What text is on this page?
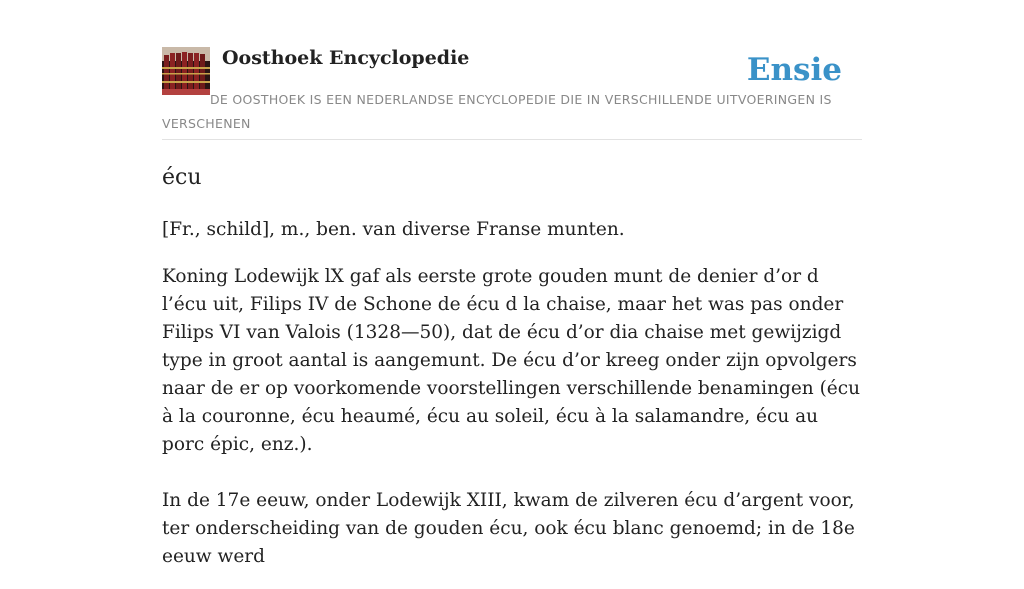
Oosthoek Encyclopedie	Ensie

DE OOSTHOEK IS EEN NEDERLANDSE ENCYCLOPEDIE DIE IN VERSCHILLENDE UITVOERINGEN IS VERSCHENEN

écu

[Fr., schild], m., ben. van diverse Franse munten.

Koning Lodewijk lX gaf als eerste grote gouden munt de denier d’or d l’écu uit, Filips IV de Schone de écu d la chaise, maar het was pas onder Filips VI van Valois (1328—50), dat de écu d’or dia chaise met gewijzigd type in groot aantal is aangemunt. De écu d’or kreeg onder zijn opvolgers naar de er op voorkomende voorstellingen verschillende benamingen (écu à la couronne, écu heaumé, écu au soleil, écu à la salamandre, écu au porc épic, enz.).

In de 17e eeuw, onder Lodewijk XIII, kwam de zilveren écu d’argent voor, ter onderscheiding van de gouden écu, ook écu blanc genoemd; in de 18e eeuw werd
